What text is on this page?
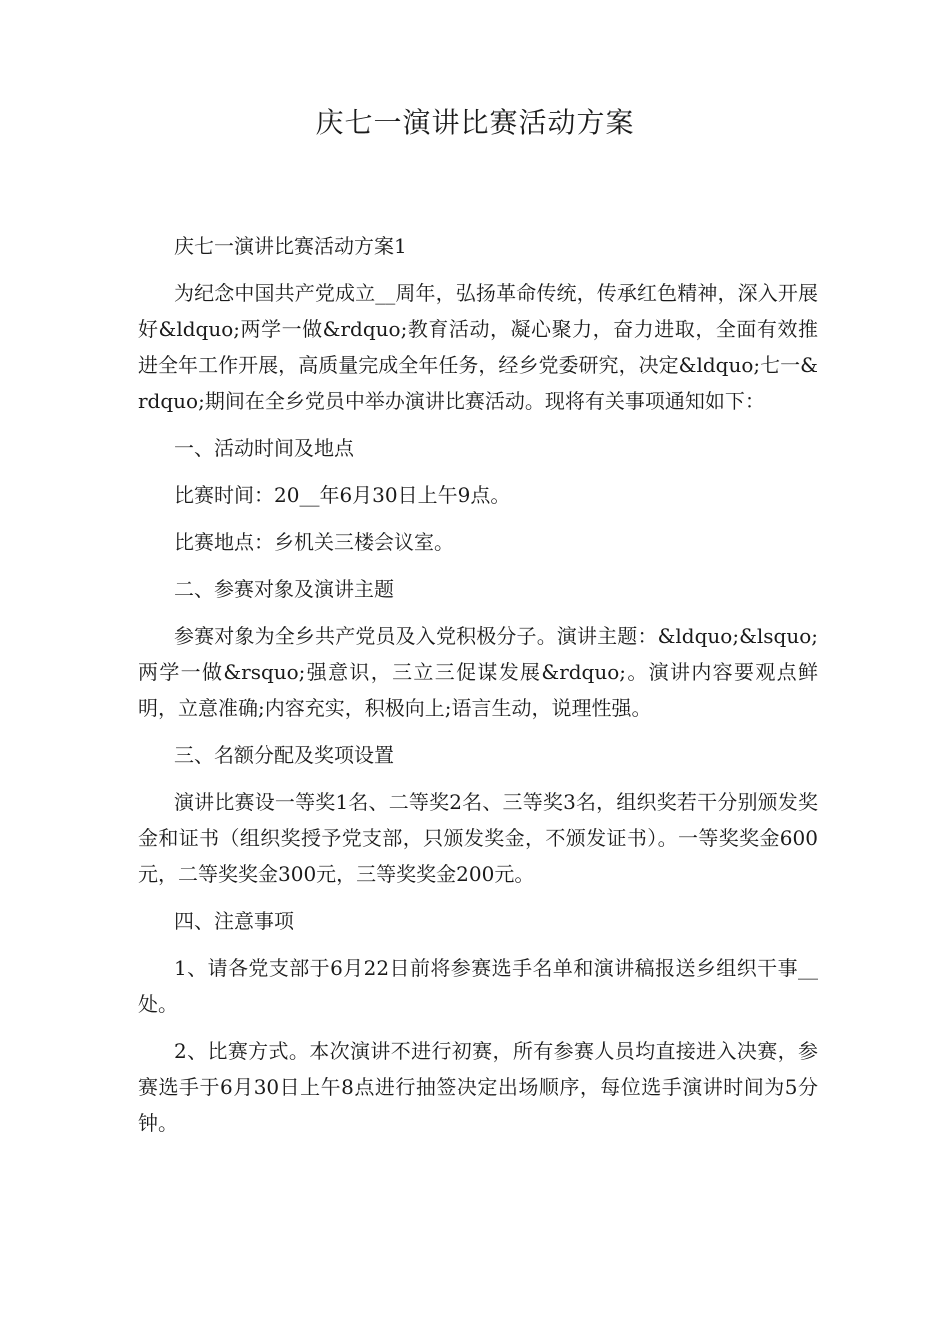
庆七一演讲比赛活动方案

庆七一演讲比赛活动方案1

为纪念中国共产党成立__周年，弘扬革命传统，传承红色精神，深入开展好&ldquo;两学一做&rdquo;教育活动，凝心聚力，奋力进取，全面有效推进全年工作开展，高质量完成全年任务，经乡党委研究，决定&ldquo;七一&rdquo;期间在全乡党员中举办演讲比赛活动。现将有关事项通知如下：

一、活动时间及地点

比赛时间：20__年6月30日上午9点。

比赛地点：乡机关三楼会议室。

二、参赛对象及演讲主题

参赛对象为全乡共产党员及入党积极分子。演讲主题：&ldquo;&lsquo;两学一做&rsquo;强意识，三立三促谋发展&rdquo;。演讲内容要观点鲜明，立意准确;内容充实，积极向上;语言生动，说理性强。

三、名额分配及奖项设置

演讲比赛设一等奖1名、二等奖2名、三等奖3名，组织奖若干分别颁发奖金和证书（组织奖授予党支部，只颁发奖金，不颁发证书）。一等奖奖金600元，二等奖奖金300元，三等奖奖金200元。

四、注意事项

1、请各党支部于6月22日前将参赛选手名单和演讲稿报送乡组织干事__处。

2、比赛方式。本次演讲不进行初赛，所有参赛人员均直接进入决赛，参赛选手于6月30日上午8点进行抽签决定出场顺序，每位选手演讲时间为5分钟。
